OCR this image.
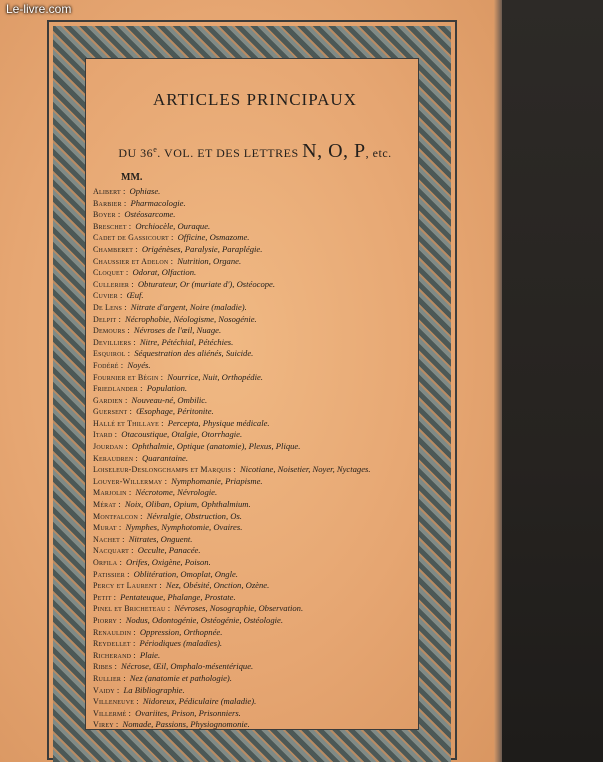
Le-livre.com
ARTICLES PRINCIPAUX
DU 36e. VOL. ET DES LETTRES N, O, P, etc.
MM.
Alibert : Ophiase.
Barbier : Pharmacologie.
Boyer : Ostéosarcome.
Breschet : Orchiocèle, Ouraque.
Cadet de Gassicourt : Officine, Osmazome.
Chamberet : Origénèses, Paralysie, Paraplégie.
Chaussier et Adelon : Nutrition, Organe.
Cloquet : Odorat, Olfaction.
Cullerier : Obturateur, Or (muriate d'), Ostéocope.
Cuvier : Œuf.
De Lens : Nitrate d'argent, Noire (maladie).
Delpit : Nécrophobie, Néologisme, Nosogénie.
Demours : Névroses de l'œil, Nuage.
Devilliers : Nitre, Pétéchial, Pétéchies.
Esquirol : Séquestration des aliénés, Suicide.
Fodéré : Noyés.
Fournier et Bégin : Nourrice, Nuit, Orthopédie.
Friedlander : Population.
Gardien : Nouveau-né, Ombilic.
Guersent : Œsophage, Péritonite.
Hallé et Thillaye : Percepta, Physique médicale.
Itard : Otacoustique, Otalgie, Otorrhagie.
Jourdan : Ophthalmie, Optique (anatomie), Plexus, Plique.
Keraudren : Quarantaine.
Loiseleur-Deslongchamps et Marquis : Nicotiane, Noisetier, Noyer, Nyctages.
Louyer-Willermay : Nymphomanie, Priapisme.
Marjolin : Nécrotome, Névrologie.
Mérat : Noix, Oliban, Opium, Ophthalmium.
Montfalcon : Névralgie, Obstruction, Os.
Murat : Nymphes, Nymphotomie, Ovaires.
Nachet : Nitrates, Onguent.
Nacquart : Occulte, Panacée.
Orfila : Orifes, Oxigène, Poison.
Patissier : Oblitération, Omoplat, Ongle.
Percy et Laurent : Nez, Obésité, Onction, Ozène.
Petit : Pentateuque, Phalange, Prostate.
Pinel et Bricheteau : Névroses, Nosographie, Observation.
Piorry : Nodus, Odontogénie, Ostéogénie, Ostéologie.
Renauldin : Oppression, Orthopnée.
Reydellet : Périodiques (maladies).
Richerand : Plaie.
Ribes : Nécrose, Œil, Omphalo-mésentérique.
Rullier : Nez (anatomie et pathologie).
Vaidy : La Bibliographie.
Villeneuve : Nidoreux, Pédiculaire (maladie).
Villermé : Ovariites, Prison, Prisonniers.
Virey : Nomade, Passions, Physiognomonie.
